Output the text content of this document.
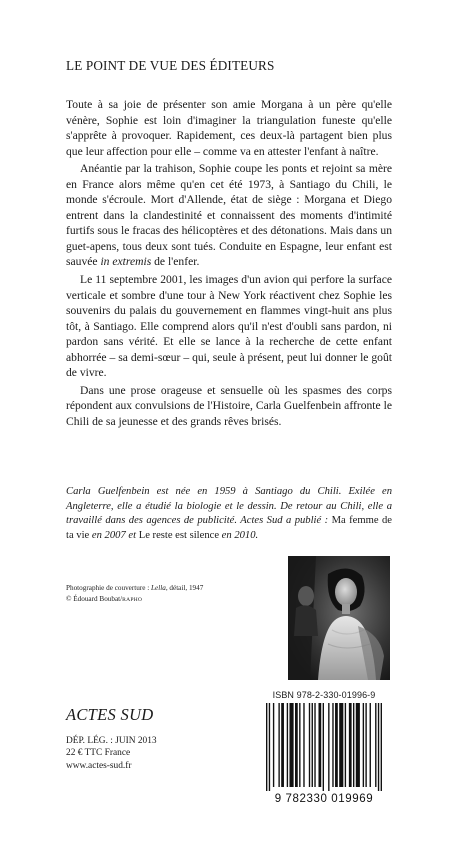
LE POINT DE VUE DES ÉDITEURS

Toute à sa joie de présenter son amie Morgana à un père qu'elle vénère, Sophie est loin d'imaginer la triangulation funeste qu'elle s'apprête à provoquer. Rapidement, ces deux-là partagent bien plus que leur affection pour elle – comme va en attester l'enfant à naître.

Anéantie par la trahison, Sophie coupe les ponts et rejoint sa mère en France alors même qu'en cet été 1973, à Santiago du Chili, le monde s'écroule. Mort d'Allende, état de siège : Morgana et Diego entrent dans la clandestinité et connaissent des moments d'intimité furtifs sous le fracas des hélicoptères et des détonations. Mais dans un guet-apens, tous deux sont tués. Conduite en Espagne, leur enfant est sauvée in extremis de l'enfer.

Le 11 septembre 2001, les images d'un avion qui perfore la surface verticale et sombre d'une tour à New York réactivent chez Sophie les souvenirs du palais du gouvernement en flammes vingt-huit ans plus tôt, à Santiago. Elle comprend alors qu'il n'est d'oubli sans pardon, ni pardon sans vérité. Et elle se lance à la recherche de cette enfant abhorrée – sa demi-sœur – qui, seule à présent, peut lui donner le goût de vivre.

Dans une prose orageuse et sensuelle où les spasmes des corps répondent aux convulsions de l'Histoire, Carla Guelfenbein affronte le Chili de sa jeunesse et des grands rêves brisés.

Carla Guelfenbein est née en 1959 à Santiago du Chili. Exilée en Angleterre, elle a étudié la biologie et le dessin. De retour au Chili, elle a travaillé dans des agences de publicité. Actes Sud a publié : Ma femme de ta vie en 2007 et Le reste est silence en 2010.
Photographie de couverture : Lella, détail, 1947
© Édouard Boubat/RAPHO
ISBN 978-2-330-01996-9
9 782330 019969
ACTES SUD
DÉP. LÉG. : JUIN 2013
22 € TTC France
www.actes-sud.fr
